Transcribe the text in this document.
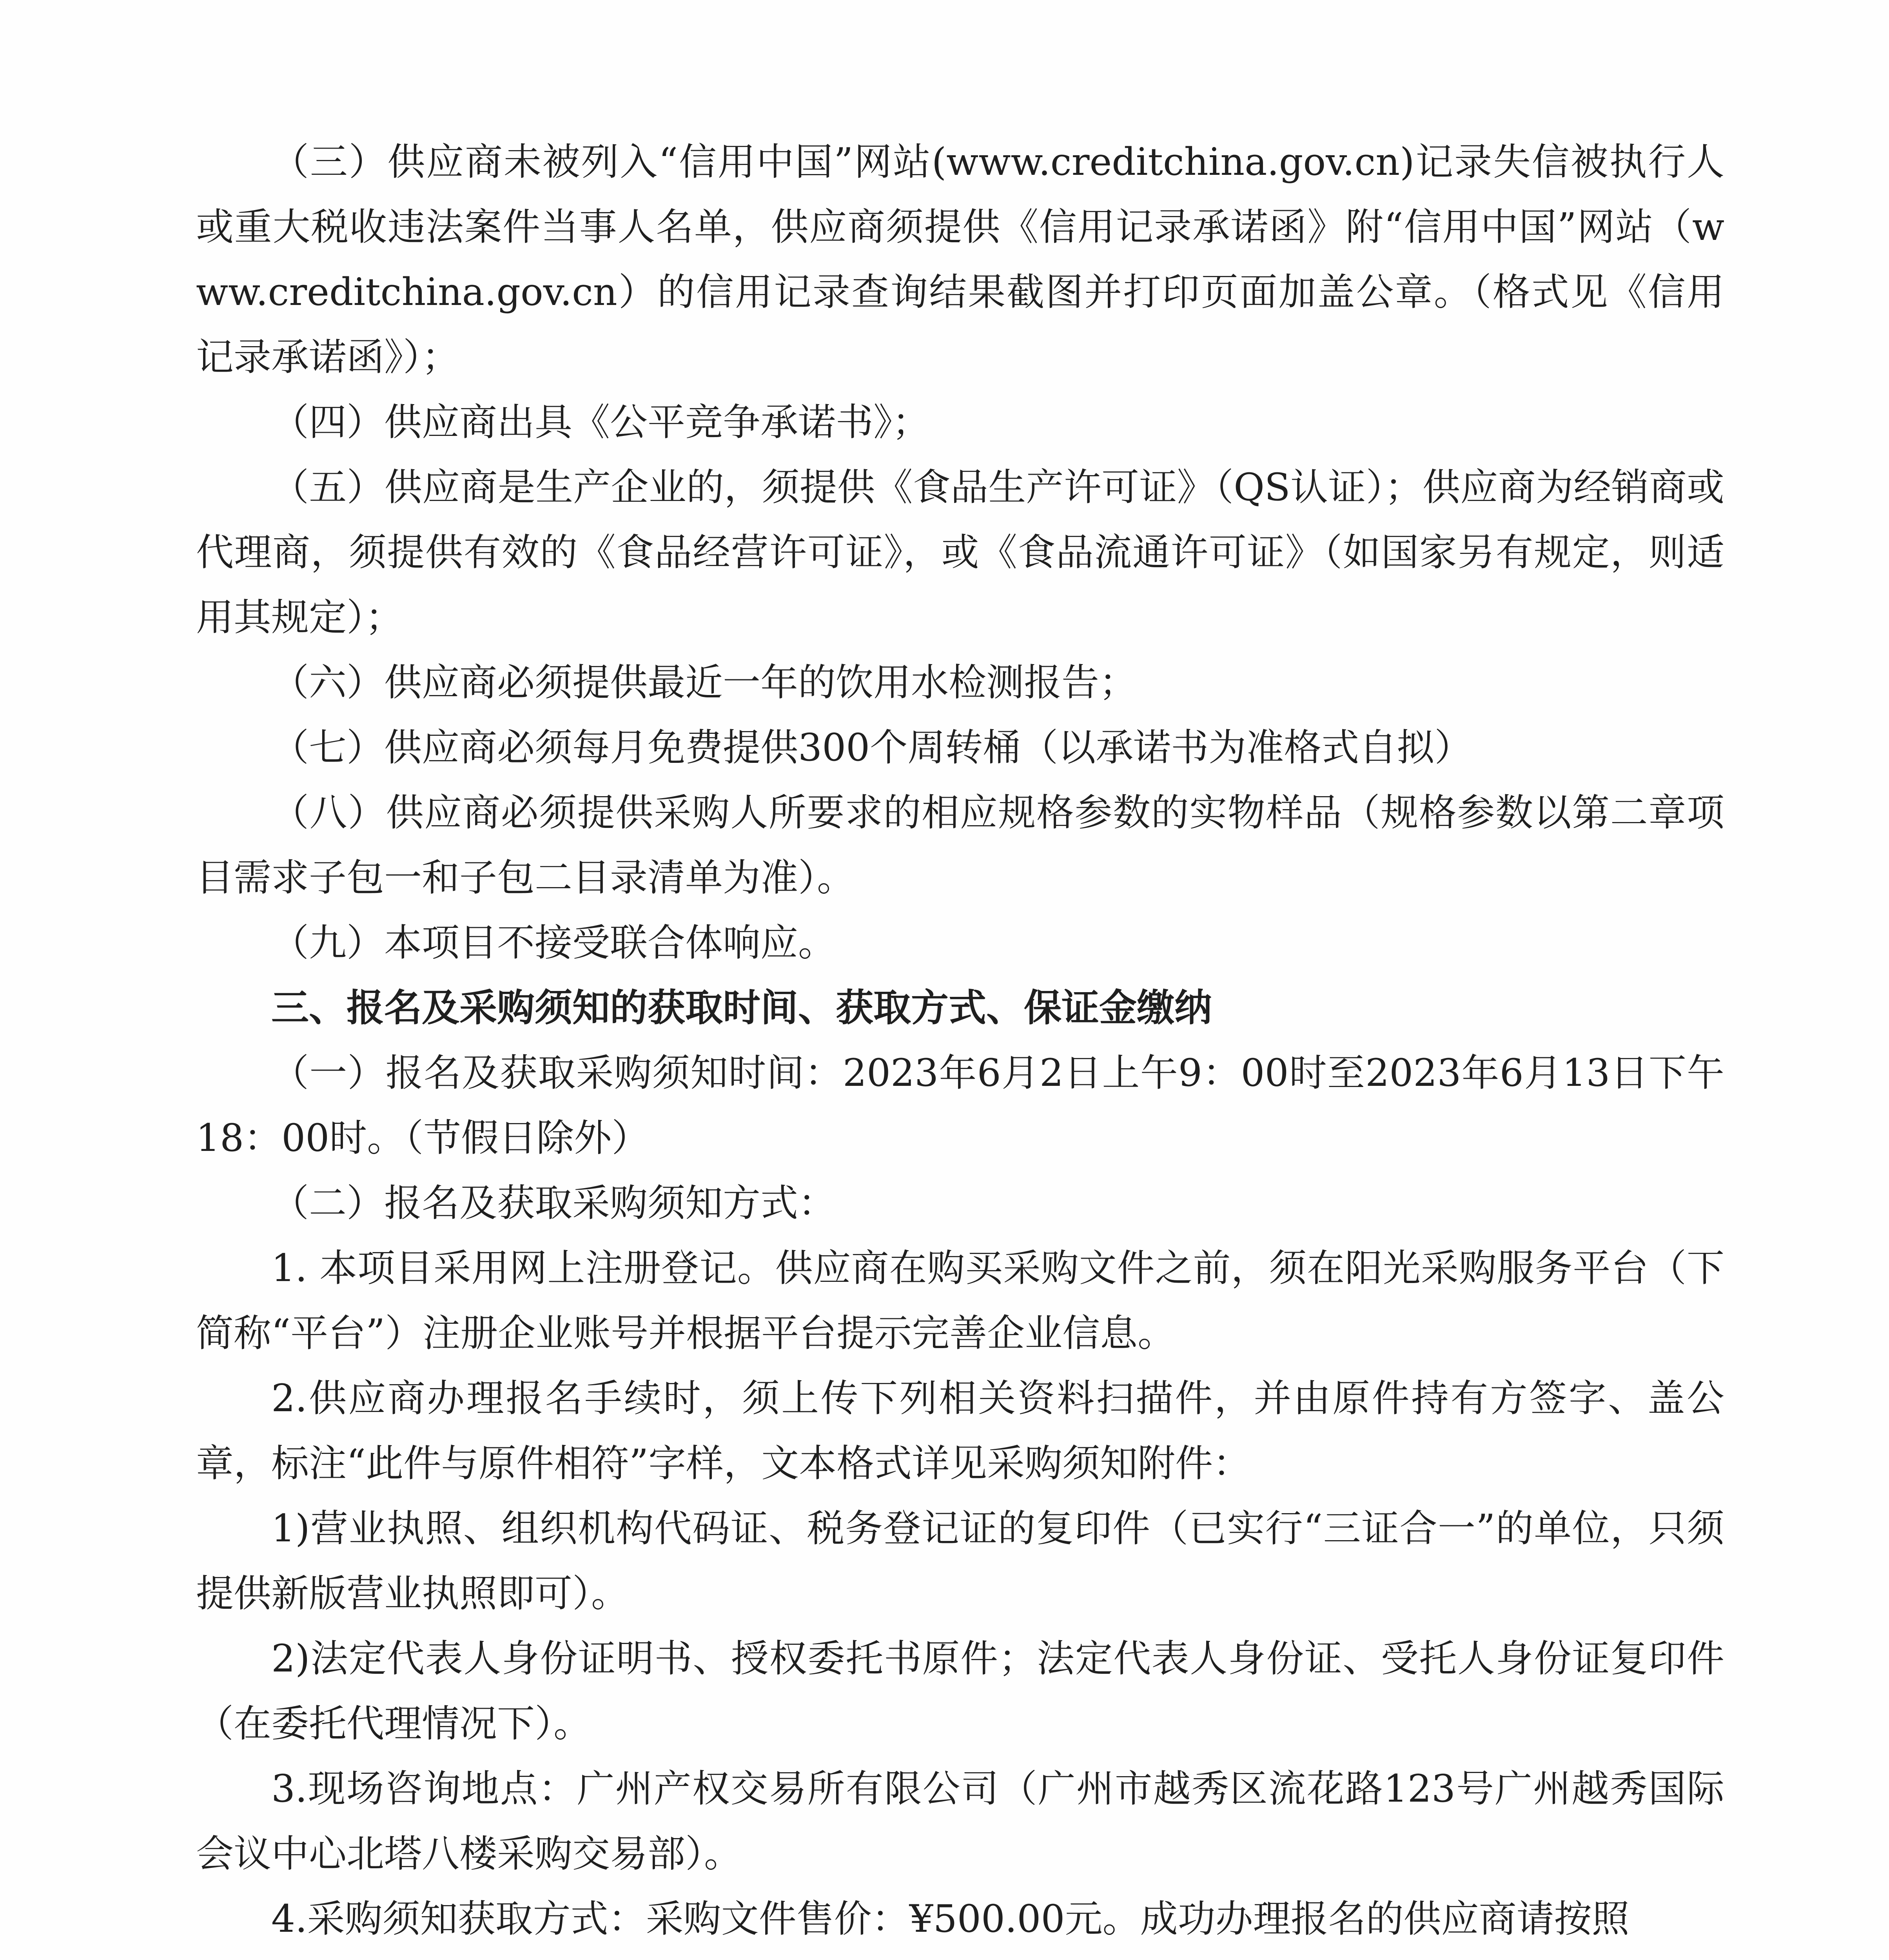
（三）供应商未被列入“信用中国”网站(www.creditchina.gov.cn)记录失信被执行人或重大税收违法案件当事人名单，供应商须提供《信用记录承诺函》附“信用中国”网站（www.creditchina.gov.cn）的信用记录查询结果截图并打印页面加盖公章。（格式见《信用记录承诺函》）；

（四）供应商出具《公平竞争承诺书》；

（五）供应商是生产企业的，须提供《食品生产许可证》（QS认证）；供应商为经销商或代理商，须提供有效的《食品经营许可证》，或《食品流通许可证》（如国家另有规定，则适用其规定）；

（六）供应商必须提供最近一年的饮用水检测报告；

（七）供应商必须每月免费提供300个周转桶（以承诺书为准格式自拟）

（八）供应商必须提供采购人所要求的相应规格参数的实物样品（规格参数以第二章项目需求子包一和子包二目录清单为准）。

（九）本项目不接受联合体响应。

三、报名及采购须知的获取时间、获取方式、保证金缴纳

（一）报名及获取采购须知时间：2023年6月2日上午9：00时至2023年6月13日下午18：00时。（节假日除外）

（二）报名及获取采购须知方式：

1. 本项目采用网上注册登记。供应商在购买采购文件之前，须在阳光采购服务平台（下简称“平台”）注册企业账号并根据平台提示完善企业信息。

2.供应商办理报名手续时，须上传下列相关资料扫描件，并由原件持有方签字、盖公章，标注“此件与原件相符”字样，文本格式详见采购须知附件：

1)营业执照、组织机构代码证、税务登记证的复印件（已实行“三证合一”的单位，只须提供新版营业执照即可）。

2)法定代表人身份证明书、授权委托书原件；法定代表人身份证、受托人身份证复印件（在委托代理情况下）。

3.现场咨询地点：广州产权交易所有限公司（广州市越秀区流花路123号广州越秀国际会议中心北塔八楼采购交易部）。

4.采购须知获取方式：采购文件售价：¥500.00元。成功办理报名的供应商请按照
